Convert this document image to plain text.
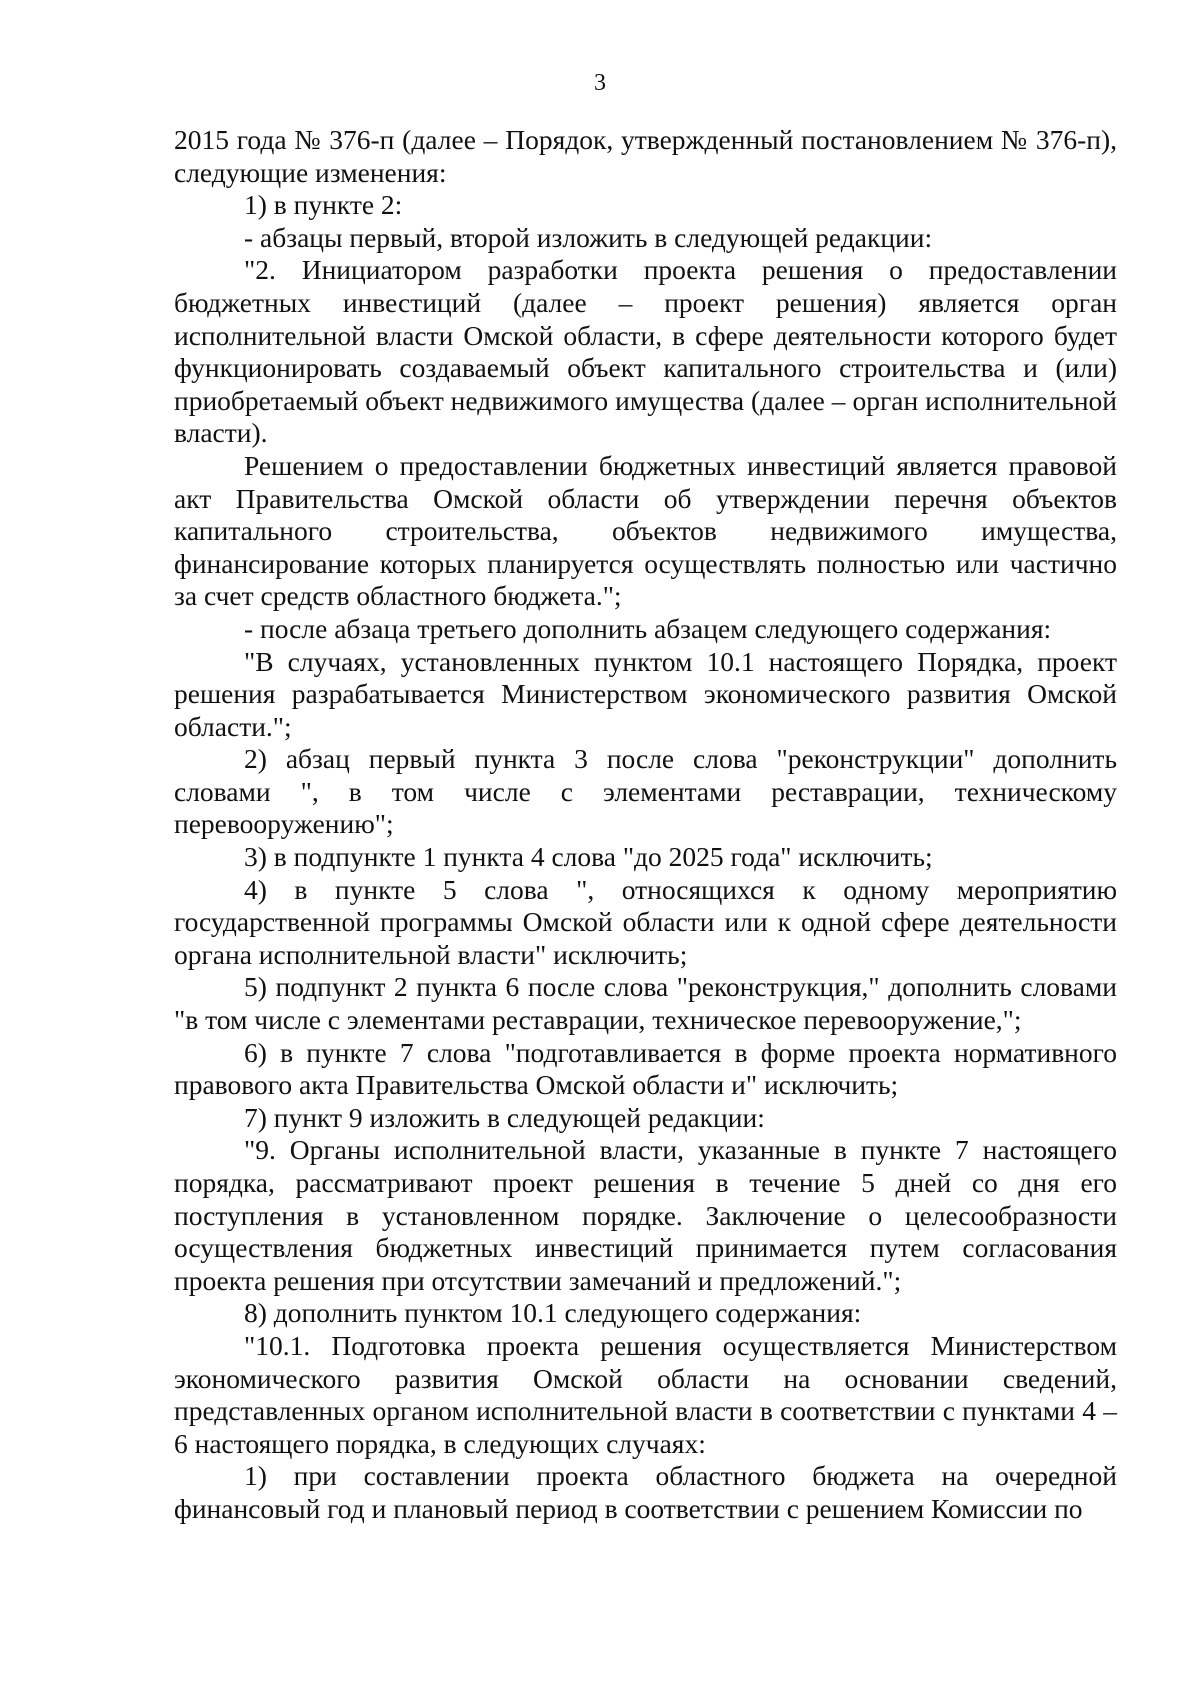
3

2015 года № 376-п (далее – Порядок, утвержденный постановлением № 376-п), следующие изменения:

1) в пункте 2:

- абзацы первый, второй изложить в следующей редакции:

"2. Инициатором разработки проекта решения о предоставлении бюджетных инвестиций (далее – проект решения) является орган исполнительной власти Омской области, в сфере деятельности которого будет функционировать создаваемый объект капитального строительства и (или) приобретаемый объект недвижимого имущества (далее – орган исполнительной власти).

Решением о предоставлении бюджетных инвестиций является правовой акт Правительства Омской области об утверждении перечня объектов капитального строительства, объектов недвижимого имущества, финансирование которых планируется осуществлять полностью или частично за счет средств областного бюджета.";

- после абзаца третьего дополнить абзацем следующего содержания:

"В случаях, установленных пунктом 10.1 настоящего Порядка, проект решения разрабатывается Министерством экономического развития Омской области.";

2) абзац первый пункта 3 после слова "реконструкции" дополнить словами ", в том числе с элементами реставрации, техническому перевооружению";

3) в подпункте 1 пункта 4 слова "до 2025 года" исключить;

4) в пункте 5 слова ", относящихся к одному мероприятию государственной программы Омской области или к одной сфере деятельности органа исполнительной власти" исключить;

5) подпункт 2 пункта 6 после слова "реконструкция," дополнить словами "в том числе с элементами реставрации, техническое перевооружение,";

6) в пункте 7 слова "подготавливается в форме проекта нормативного правового акта Правительства Омской области и" исключить;

7) пункт 9 изложить в следующей редакции:

"9. Органы исполнительной власти, указанные в пункте 7 настоящего порядка, рассматривают проект решения в течение 5 дней со дня его поступления в установленном порядке. Заключение о целесообразности осуществления бюджетных инвестиций принимается путем согласования проекта решения при отсутствии замечаний и предложений.";

8) дополнить пунктом 10.1 следующего содержания:

"10.1. Подготовка проекта решения осуществляется Министерством экономического развития Омской области на основании сведений, представленных органом исполнительной власти в соответствии с пунктами 4 – 6 настоящего порядка, в следующих случаях:

1) при составлении проекта областного бюджета на очередной финансовый год и плановый период в соответствии с решением Комиссии по
